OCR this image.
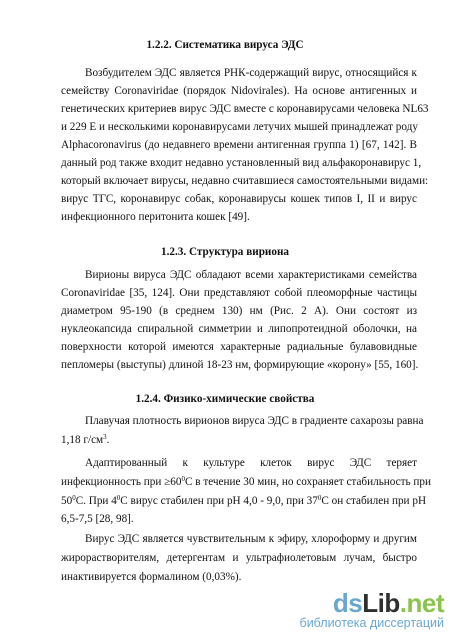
1.2.2. Систематика вируса ЭДС
Возбудителем ЭДС является РНК-содержащий вирус, относящийся к
семейству Coronaviridae (порядок Nidovirales). На основе антигенных и
генетических критериев вирус ЭДС вместе с коронавирусами человека NL63
и 229 E и несколькими коронавирусами летучих мышей принадлежат роду
Alphacoronavirus (до недавнего времени антигенная группа 1) [67, 142]. В
данный род также входит недавно установленный вид альфакоронавирус 1,
который включает вирусы, недавно считавшиеся самостоятельными видами:
вирус ТГС, коронавирус собак, коронавирусы кошек типов I, II и вирус
инфекционного перитонита кошек [49].
1.2.3. Структура вириона
Вирионы вируса ЭДС обладают всеми характеристиками семейства
Coronaviridae [35, 124]. Они представляют собой плеоморфные частицы
диаметром 95-190 (в среднем 130) нм (Рис. 2 А). Они состоят из
нуклеокапсида спиральной симметрии и липопротеидной оболочки, на
поверхности которой имеются характерные радиальные булавовидные
пепломеры (выступы) длиной 18-23 нм, формирующие «корону» [55, 160].
1.2.4. Физико-химические свойства
Плавучая плотность вирионов вируса ЭДС в градиенте сахарозы равна
1,18 $г/см^3$.
Адаптированный к культуре клеток вирус ЭДС теряет
инфекционность при $\ge 60^0С$ в течение 30 мин, но сохраняет стабильность при
$50^0С$. При $4^0С$ вирус стабилен при рН 4,0 - 9,0, при $37^0С$ он стабилен при рН
6,5-7,5 [28, 98].
Вирус ЭДС является чувствительным к эфиру, хлороформу и другим
жирорастворителям, детергентам и ультрафиолетовым лучам, быстро
инактивируется формалином (0,03%).
dsLib.net
библиотека диссертаций
